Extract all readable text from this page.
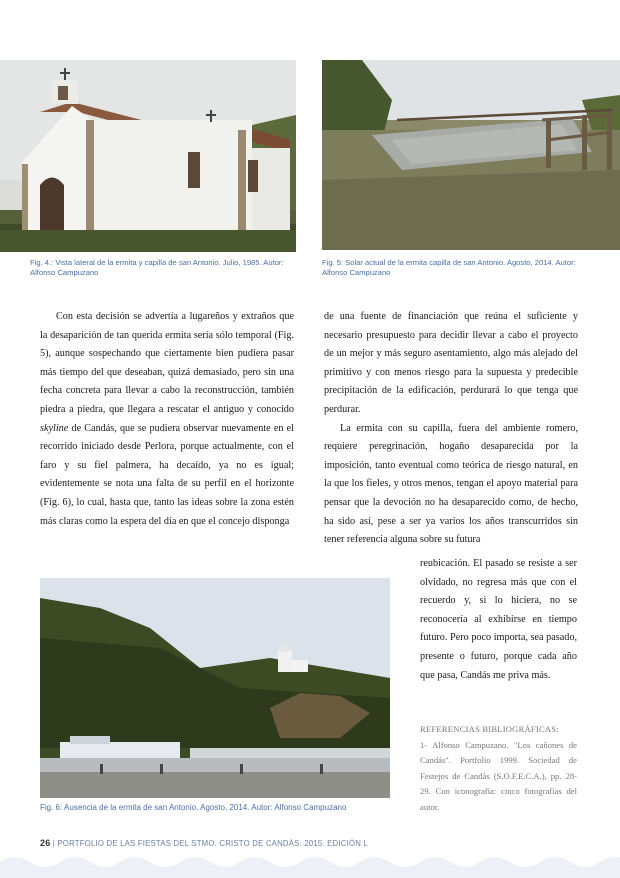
Fig. 4.: Vista lateral de la ermita y capilla de san Antonio. Julio, 1985. Autor: Alfonso Campuzano
Fig. 5: Solar actual de la ermita capilla de san Antonio. Agosto, 2014. Autor: Alfonso Campuzano

Con esta decisión se advertía a lugareños y extraños que la desaparición de tan querida ermita sería sólo temporal (Fig. 5), aunque sospechando que ciertamente bien pudiera pasar más tiempo del que deseaban, quizá demasiado, pero sin una fecha concreta para llevar a cabo la reconstrucción, también piedra a piedra, que llegara a rescatar el antiguo y conocido skyline de Candás, que se pudiera observar nuevamente en el recorrido iniciado desde Perlora, porque actualmente, con el faro y su fiel palmera, ha decaído, ya no es igual; evidentemente se nota una falta de su perfil en el horizonte (Fig. 6), lo cual, hasta que, tanto las ideas sobre la zona estén más claras como la espera del día en que el concejo disponga

de una fuente de financiación que reúna el suficiente y necesario presupuesto para decidir llevar a cabo el proyecto de un mejor y más seguro asentamiento, algo más alejado del primitivo y con menos riesgo para la supuesta y predecible precipitación de la edificación, perdurará lo que tenga que perdurar.

La ermita con su capilla, fuera del ambiente romero, requiere peregrinación, hogaño desaparecida por la imposición, tanto eventual como teórica de riesgo natural, en la que los fieles, y otros menos, tengan el apoyo material para pensar que la devoción no ha desaparecido como, de hecho, ha sido así, pese a ser ya varios los años transcurridos sin tener referencia alguna sobre su futura

reubicación. El pasado se resiste a ser olvidado, no regresa más que con el recuerdo y, si lo hiciera, no se reconocería al exhibirse en tiempo futuro. Pero poco importa, sea pasado, presente o futuro, porque cada año que pasa, Candás me priva más.

Fig. 6: Ausencia de la ermita de san Antonio. Agosto, 2014. Autor: Alfonso Campuzano
REFERENCIAS BIBLIOGRÁFICAS:
1- Alfonso Campuzano. "Los cañones de Candás". Portfolio 1999. Sociedad de Festejos de Candás (S.O.F.E.C.A.), pp. 28-29. Con iconografía: cinco fotografías del autor.
26 | PORTFOLIO DE LAS FIESTAS DEL STMO. CRISTO DE CANDÁS. 2015. EDICIÓN L
